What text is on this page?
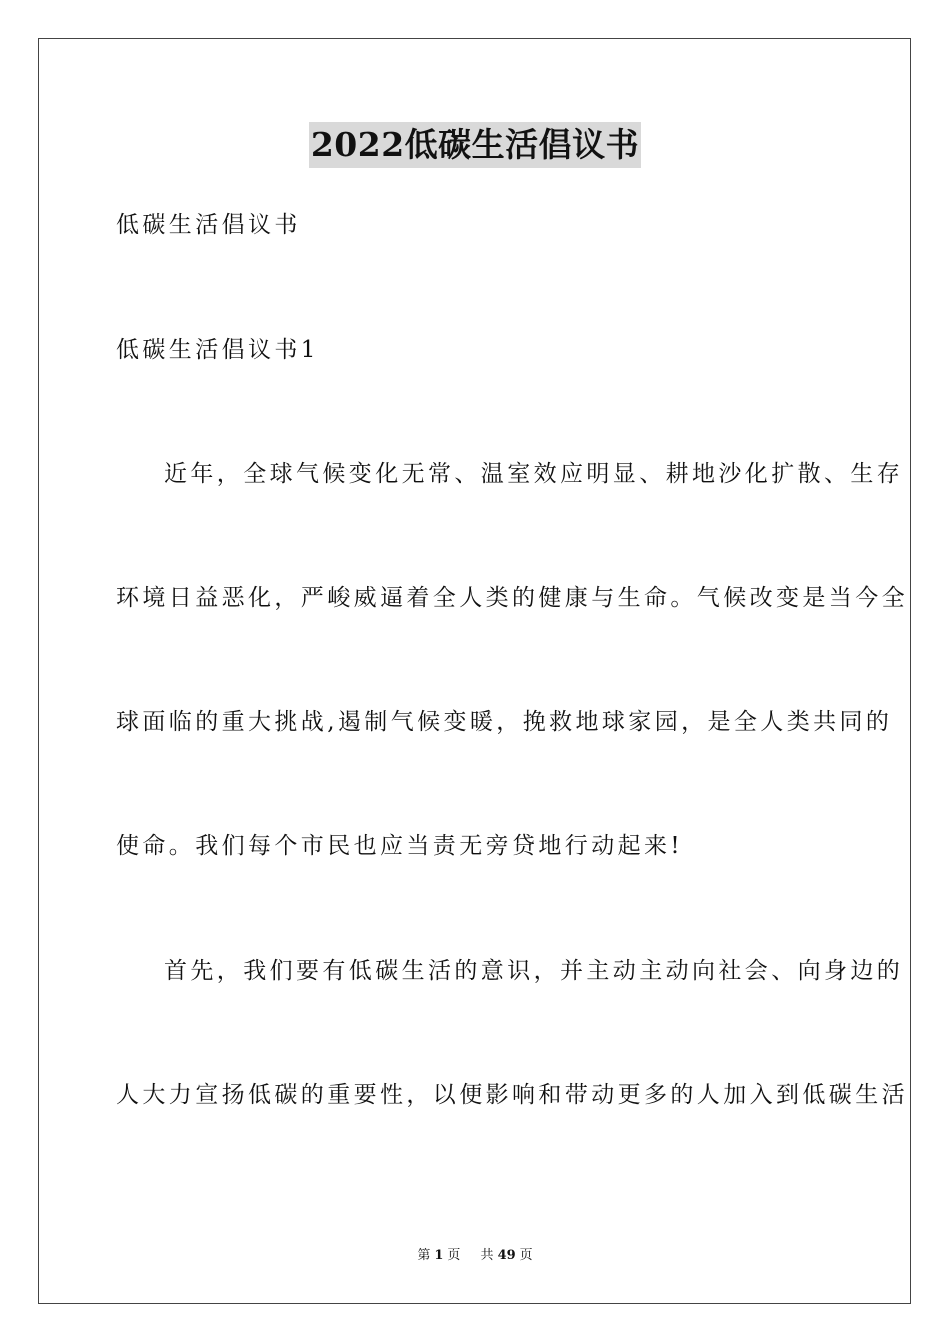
2022低碳生活倡议书
低碳生活倡议书
低碳生活倡议书1
近年，全球气候变化无常、温室效应明显、耕地沙化扩散、生存
环境日益恶化，严峻威逼着全人类的健康与生命。气候改变是当今全
球面临的重大挑战,遏制气候变暖，挽救地球家园，是全人类共同的
使命。我们每个市民也应当责无旁贷地行动起来!
首先，我们要有低碳生活的意识，并主动主动向社会、向身边的
人大力宣扬低碳的重要性，以便影响和带动更多的人加入到低碳生活
第 1 页 共 49 页
